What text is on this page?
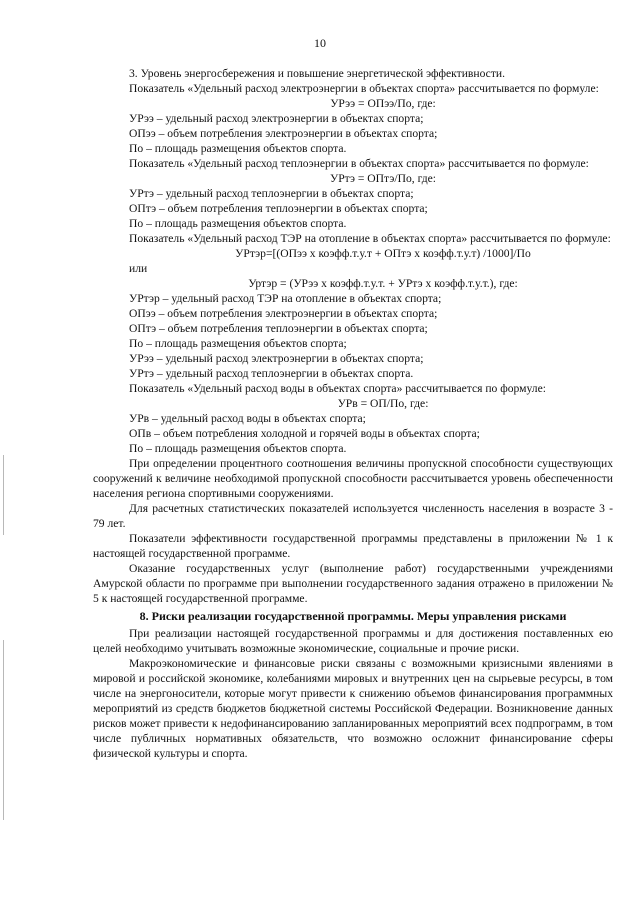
10

3. Уровень энергосбережения и повышение энергетической эффективности.

Показатель «Удельный расход электроэнергии в объектах спорта» рассчитывается по формуле:

УРээ = ОПээ/По, где:

УРээ – удельный расход электроэнергии в объектах спорта;

ОПээ – объем потребления электроэнергии в объектах спорта;

По – площадь размещения объектов спорта.

Показатель «Удельный расход теплоэнергии в объектах спорта» рассчитывается по формуле:

УРтэ = ОПтэ/По, где:

УРтэ – удельный расход теплоэнергии в объектах спорта;

ОПтэ – объем потребления теплоэнергии в объектах спорта;

По – площадь размещения объектов спорта.

Показатель «Удельный расход ТЭР на отопление в объектах спорта» рассчитывается по формуле:

УРтэр=[(ОПээ х коэфф.т.у.т + ОПтэ х коэфф.т.у.т) /1000]/По

или

Уртэр = (УРээ х коэфф.т.у.т. + УРтэ х коэфф.т.у.т.), где:

УРтэр – удельный расход ТЭР на отопление в объектах спорта;

ОПээ – объем потребления электроэнергии в объектах спорта;

ОПтэ – объем потребления теплоэнергии в объектах спорта;

По – площадь размещения объектов спорта;

УРээ – удельный расход электроэнергии в объектах спорта;

УРтэ – удельный расход теплоэнергии в объектах спорта.

Показатель «Удельный расход воды в объектах спорта» рассчитывается по формуле:

УРв = ОП/По, где:

УРв – удельный расход воды в объектах спорта;

ОПв – объем потребления холодной и горячей воды в объектах спорта;

По – площадь размещения объектов спорта.

При определении процентного соотношения величины пропускной способности существующих сооружений к величине необходимой пропускной способности рассчитывается уровень обеспеченности населения региона спортивными сооружениями.

Для расчетных статистических показателей используется численность населения в возрасте 3 - 79 лет.

Показатели эффективности государственной программы представлены в приложении № 1 к настоящей государственной программе.

Оказание государственных услуг (выполнение работ) государственными учреждениями Амурской области по программе при выполнении государственного задания отражено в приложении № 5 к настоящей государственной программе.

8. Риски реализации государственной программы. Меры управления рисками

При реализации настоящей государственной программы и для достижения поставленных ею целей необходимо учитывать возможные экономические, социальные и прочие риски.

Макроэкономические и финансовые риски связаны с возможными кризисными явлениями в мировой и российской экономике, колебаниями мировых и внутренних цен на сырьевые ресурсы, в том числе на энергоносители, которые могут привести к снижению объемов финансирования программных мероприятий из средств бюджетов бюджетной системы Российской Федерации. Возникновение данных рисков может привести к недофинансированию запланированных мероприятий всех подпрограмм, в том числе публичных нормативных обязательств, что возможно осложнит финансирование сферы физической культуры и спорта.
